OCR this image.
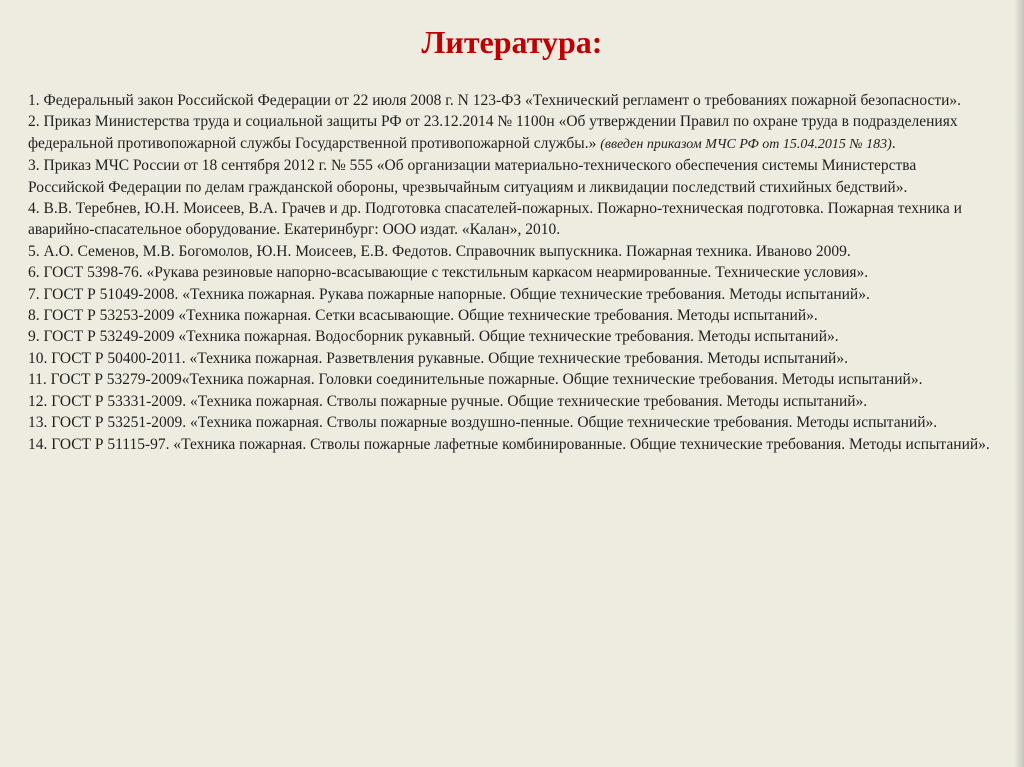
Литература:

1. Федеральный закон Российской Федерации от 22 июля 2008 г. N 123-ФЗ «Технический регламент о требованиях пожарной безопасности».

2. Приказ Министерства труда и социальной защиты РФ от 23.12.2014 № 1100н «Об утверждении Правил по охране труда в подразделениях федеральной противопожарной службы Государственной противопожарной службы.» (введен приказом МЧС РФ от 15.04.2015 № 183).

3. Приказ МЧС России от 18 сентября 2012 г. № 555 «Об организации материально-технического обеспечения системы Министерства Российской Федерации по делам гражданской обороны, чрезвычайным ситуациям и ликвидации последствий стихийных бедствий».

4. В.В. Теребнев, Ю.Н. Моисеев, В.А. Грачев и др. Подготовка спасателей-пожарных. Пожарно-техническая подготовка. Пожарная техника и аварийно-спасательное оборудование. Екатеринбург: ООО издат. «Калан», 2010.

5. А.О. Семенов, М.В. Богомолов, Ю.Н. Моисеев, Е.В. Федотов. Справочник выпускника. Пожарная техника. Иваново 2009.

6. ГОСТ 5398-76. «Рукава резиновые напорно-всасывающие с текстильным каркасом неармированные. Технические условия».

7. ГОСТ Р 51049-2008. «Техника пожарная. Рукава пожарные напорные. Общие технические требования. Методы испытаний».

8. ГОСТ Р 53253-2009 «Техника пожарная. Сетки всасывающие. Общие технические требования. Методы испытаний».

9. ГОСТ Р 53249-2009 «Техника пожарная. Водосборник рукавный. Общие технические требования. Методы испытаний».

10. ГОСТ Р 50400-2011. «Техника пожарная. Разветвления рукавные. Общие технические требования. Методы испытаний».

11. ГОСТ Р 53279-2009«Техника пожарная. Головки соединительные пожарные. Общие технические требования. Методы испытаний».

12. ГОСТ Р 53331-2009. «Техника пожарная. Стволы пожарные ручные. Общие технические требования. Методы испытаний».

13. ГОСТ Р 53251-2009. «Техника пожарная. Стволы пожарные воздушно-пенные. Общие технические требования. Методы испытаний».

14. ГОСТ Р 51115-97. «Техника пожарная. Стволы пожарные лафетные комбинированные. Общие технические требования. Методы испытаний».
